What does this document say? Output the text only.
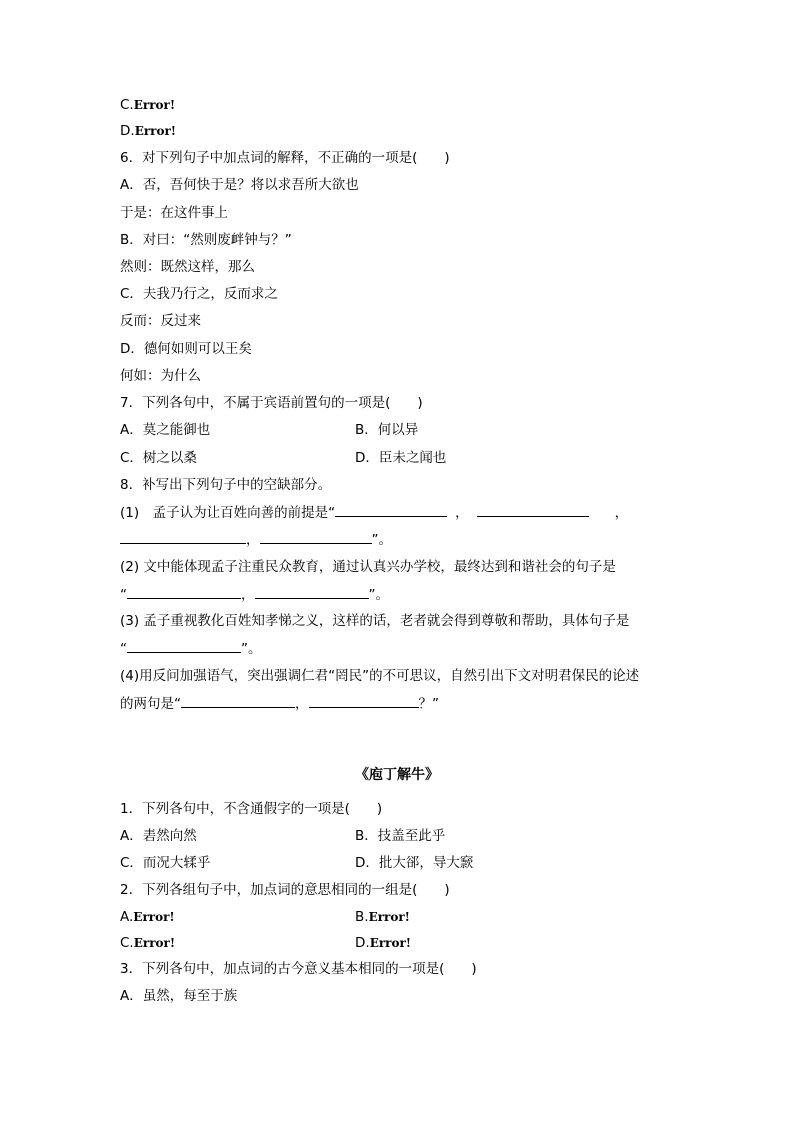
C.Error!
D.Error!
6．对下列句子中加点词的解释，不正确的一项是(　　)
A．否，吾何快于是？将以求吾所大欲也
于是：在这件事上
B．对曰：“然则废衅钟与？”
然则：既然这样，那么
C．夫我乃行之，反而求之
反而：反过来
D．德何如则可以王矣
何如：为什么
7．下列各句中，不属于宾语前置句的一项是(　　)
A．莫之能御也	B．何以异
C．树之以桑	D．臣未之闻也
8．补写出下列句子中的空缺部分。
(1)　孟子认为让百姓向善的前提是“	，	，
，	”。
(2) 文中能体现孟子注重民众教育，通过认真兴办学校，最终达到和谐社会的句子是
“	，	”。
(3) 孟子重视教化百姓知孝悌之义，这样的话，老者就会得到尊敬和帮助，具体句子是
“	”。
(4)用反问加强语气，突出强调仁君“罔民”的不可思议，自然引出下文对明君保民的论述
的两句是“	，	？”
《庖丁解牛》
1．下列各句中，不含通假字的一项是(　　)
A．砉然向然	B．技盖至此乎
C．而况大𫐓乎	D．批大郤，导大窾
2．下列各组句子中，加点词的意思相同的一组是(　　)
A.Error!	B.Error!
C.Error!	D.Error!
3．下列各句中，加点词的古今意义基本相同的一项是(　　)
A．虽然，每至于族
